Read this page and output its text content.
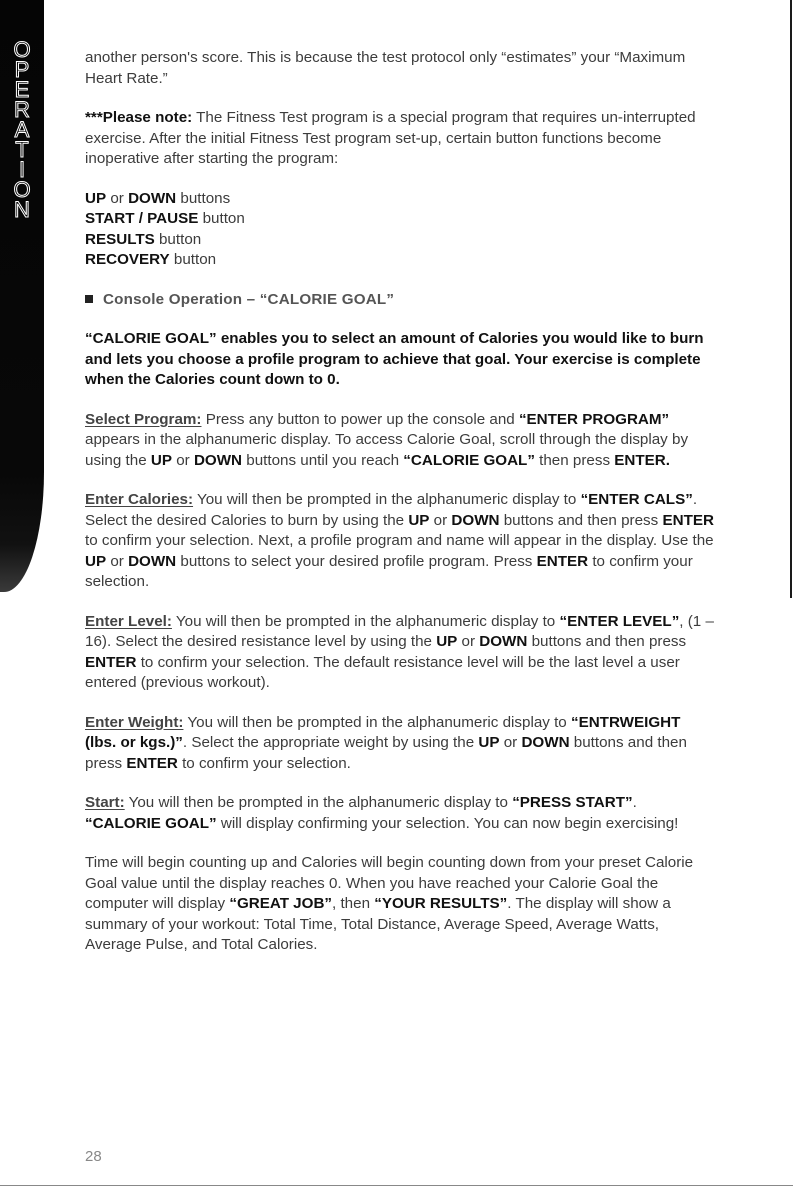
O
P
E
R
A
T
I
O
N

another person's score. This is because the test protocol only “estimates” your “Maximum Heart Rate.”

***Please note: The Fitness Test program is a special program that requires un-interrupted exercise. After the initial Fitness Test program set-up, certain button functions become inoperative after starting the program:

UP or DOWN buttons
START / PAUSE button
RESULTS button
RECOVERY button
Console Operation – “CALORIE GOAL”

“CALORIE GOAL” enables you to select an amount of Calories you would like to burn and lets you choose a profile program to achieve that goal. Your exercise is complete when the Calories count down to 0.

Select Program: Press any button to power up the console and “ENTER PROGRAM” appears in the alphanumeric display. To access Calorie Goal, scroll through the display by using the UP or DOWN buttons until you reach “CALORIE GOAL” then press ENTER.

Enter Calories: You will then be prompted in the alphanumeric display to “ENTER CALS”. Select the desired Calories to burn by using the UP or DOWN buttons and then press ENTER to confirm your selection. Next, a profile program and name will appear in the display. Use the UP or DOWN buttons to select your desired profile program. Press ENTER to confirm your selection.

Enter Level: You will then be prompted in the alphanumeric display to “ENTER LEVEL”, (1 – 16). Select the desired resistance level by using the UP or DOWN buttons and then press ENTER to confirm your selection. The default resistance level will be the last level a user entered (previous workout).

Enter Weight: You will then be prompted in the alphanumeric display to “ENTRWEIGHT (lbs. or kgs.)”. Select the appropriate weight by using the UP or DOWN buttons and then press ENTER to confirm your selection.

Start: You will then be prompted in the alphanumeric display to “PRESS START”. “CALORIE GOAL” will display confirming your selection. You can now begin exercising!

Time will begin counting up and Calories will begin counting down from your preset Calorie Goal value until the display reaches 0. When you have reached your Calorie Goal the computer will display “GREAT JOB”, then “YOUR RESULTS”. The display will show a summary of your workout: Total Time, Total Distance, Average Speed, Average Watts, Average Pulse, and Total Calories.

28
